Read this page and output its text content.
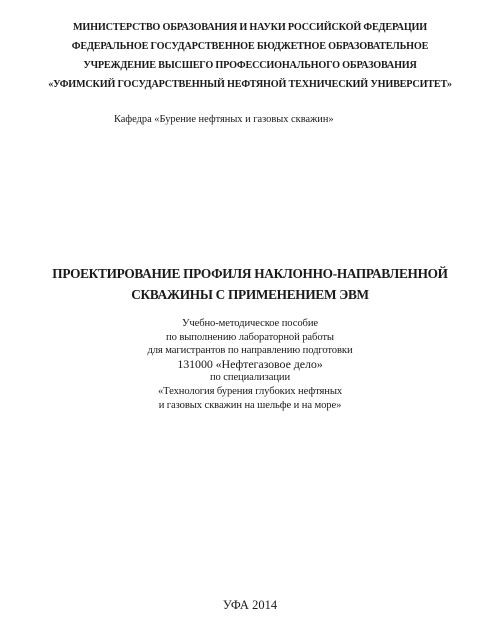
МИНИСТЕРСТВО ОБРАЗОВАНИЯ И НАУКИ РОССИЙСКОЙ ФЕДЕРАЦИИ
ФЕДЕРАЛЬНОЕ ГОСУДАРСТВЕННОЕ БЮДЖЕТНОЕ ОБРАЗОВАТЕЛЬНОЕ
УЧРЕЖДЕНИЕ ВЫСШЕГО ПРОФЕССИОНАЛЬНОГО ОБРАЗОВАНИЯ
«УФИМСКИЙ ГОСУДАРСТВЕННЫЙ НЕФТЯНОЙ ТЕХНИЧЕСКИЙ УНИВЕРСИТЕТ»
Кафедра «Бурение нефтяных и газовых скважин»
ПРОЕКТИРОВАНИЕ ПРОФИЛЯ НАКЛОННО-НАПРАВЛЕННОЙ
СКВАЖИНЫ С ПРИМЕНЕНИЕМ ЭВМ
Учебно-методическое пособие
по выполнению лабораторной работы
для магистрантов по направлению подготовки
131000 «Нефтегазовое дело»
по специализации
«Технология бурения глубоких нефтяных
и газовых скважин на шельфе и на море»
УФА 2014
